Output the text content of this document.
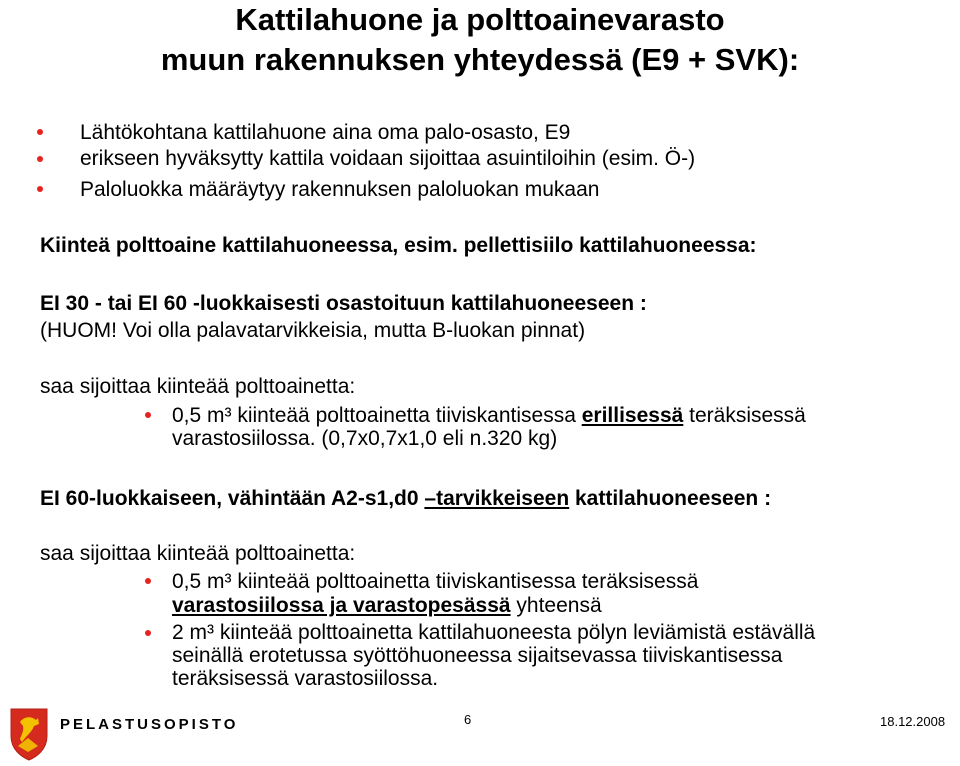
Kattilahuone ja polttoainevarasto
muun rakennuksen yhteydessä (E9 + SVK):
Lähtökohtana kattilahuone aina oma palo-osasto, E9
erikseen hyväksytty kattila voidaan sijoittaa asuintiloihin (esim. Ö-)
Paloluokka määräytyy rakennuksen paloluokan mukaan
Kiinteä polttoaine kattilahuoneessa, esim. pellettisiilo kattilahuoneessa:
EI 30 - tai EI 60 -luokkaisesti osastoituun kattilahuoneeseen :
(HUOM! Voi olla palavatarvikkeisia, mutta B-luokan pinnat)
saa sijoittaa kiinteää polttoainetta:
0,5 m³ kiinteää polttoainetta tiiviskantisessa erillisessä teräksisessä
varastosiilossa. (0,7x0,7x1,0 eli n.320 kg)
EI 60-luokkaiseen, vähintään A2-s1,d0 –tarvikkeiseen kattilahuoneeseen :
saa sijoittaa kiinteää polttoainetta:
0,5 m³ kiinteää polttoainetta tiiviskantisessa teräksisessä
varastosiilossa ja varastopesässä yhteensä
2 m³ kiinteää polttoainetta kattilahuoneesta pölyn leviämistä estävällä
seinällä erotetussa syöttöhuoneessa sijaitsevassa tiiviskantisessa
teräksisessä varastosiilossa.
PELASTUSOPISTO	6	18.12.2008
